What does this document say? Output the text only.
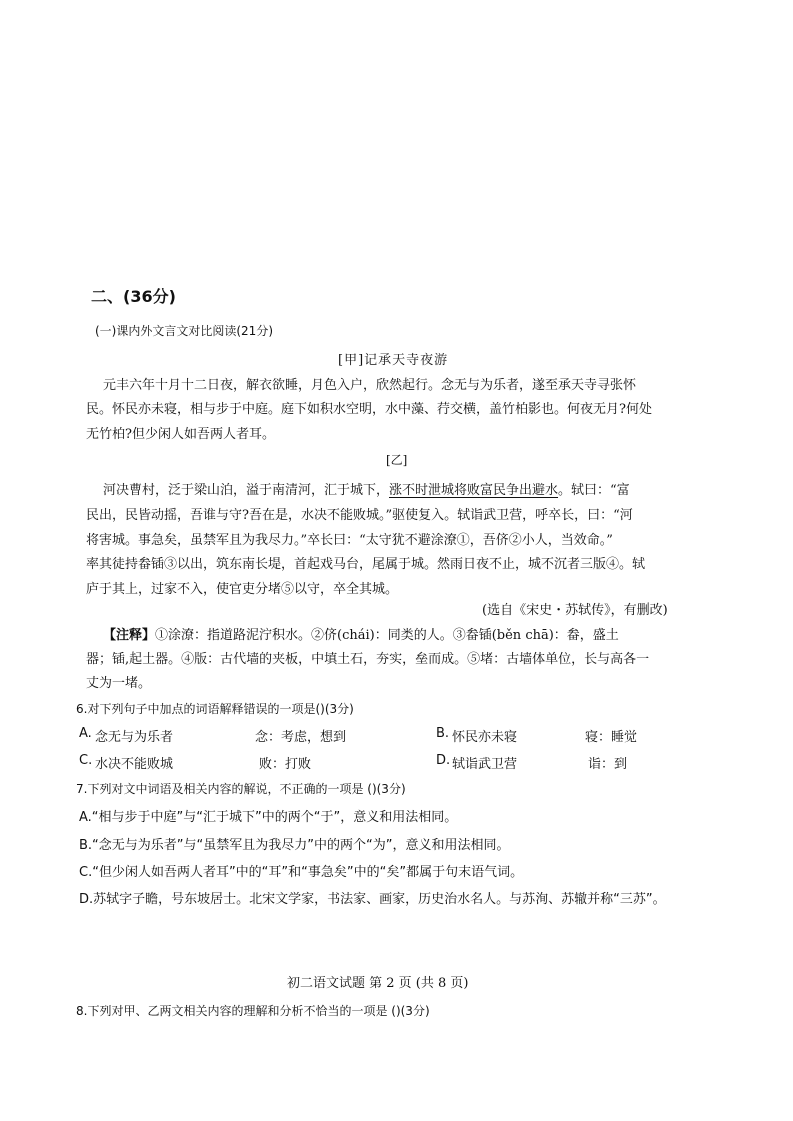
二、(36分)
(一)课内外文言文对比阅读(21分)
[甲]记承天寺夜游
元丰六年十月十二日夜，解衣欲睡，月色入户，欣然起行。念无与为乐者，遂至承天寺寻张怀
民。怀民亦未寝，相与步于中庭。庭下如积水空明，水中藻、荇交横，盖竹柏影也。何夜无月?何处
无竹柏?但少闲人如吾两人者耳。
[乙]
河决曹村，泛于梁山泊，溢于南清河，汇于城下，涨不时泄城将败富民争出避水。轼曰：“富
民出，民皆动摇，吾谁与守?吾在是，水决不能败城。”驱使复入。轼诣武卫营，呼卒长，曰：“河
将害城。事急矣，虽禁军且为我尽力。”卒长曰：“太守犹不避涂潦①，吾侪②小人，当效命。”
率其徒持畚锸③以出，筑东南长堤，首起戏马台，尾属于城。然雨日夜不止，城不沉者三版④。轼
庐于其上，过家不入，使官吏分堵⑤以守，卒全其城。
(选自《宋史・苏轼传》，有删改)
【注释】①涂潦：指道路泥泞积水。②侪(chái)：同类的人。③畚锸(běn chā)：畚，盛土
器；锸,起土器。④版：古代墙的夹板，中填土石，夯实，垒而成。⑤堵：古墙体单位，长与高各一
丈为一堵。
6.对下列句子中加点的词语解释错误的一项是()(3分)
A. 念无与为乐者	念：考虑，想到	B. 怀民亦未寝	寝：睡觉
C. 水决不能败城	败：打败	D. 轼诣武卫营	诣：到
7.下列对文中词语及相关内容的解说，不正确的一项是 ()(3分)
A.“相与步于中庭”与“汇于城下”中的两个“于”，意义和用法相同。
B.“念无与为乐者”与“虽禁军且为我尽力”中的两个“为”，意义和用法相同。
C.“但少闲人如吾两人者耳”中的“耳”和“事急矣”中的“矣”都属于句末语气词。
D.苏轼字子瞻，号东坡居士。北宋文学家，书法家、画家，历史治水名人。与苏洵、苏辙并称“三苏”。
初二语文试题 第 2 页 (共 8 页)
8.下列对甲、乙两文相关内容的理解和分析不恰当的一项是 ()(3分)
